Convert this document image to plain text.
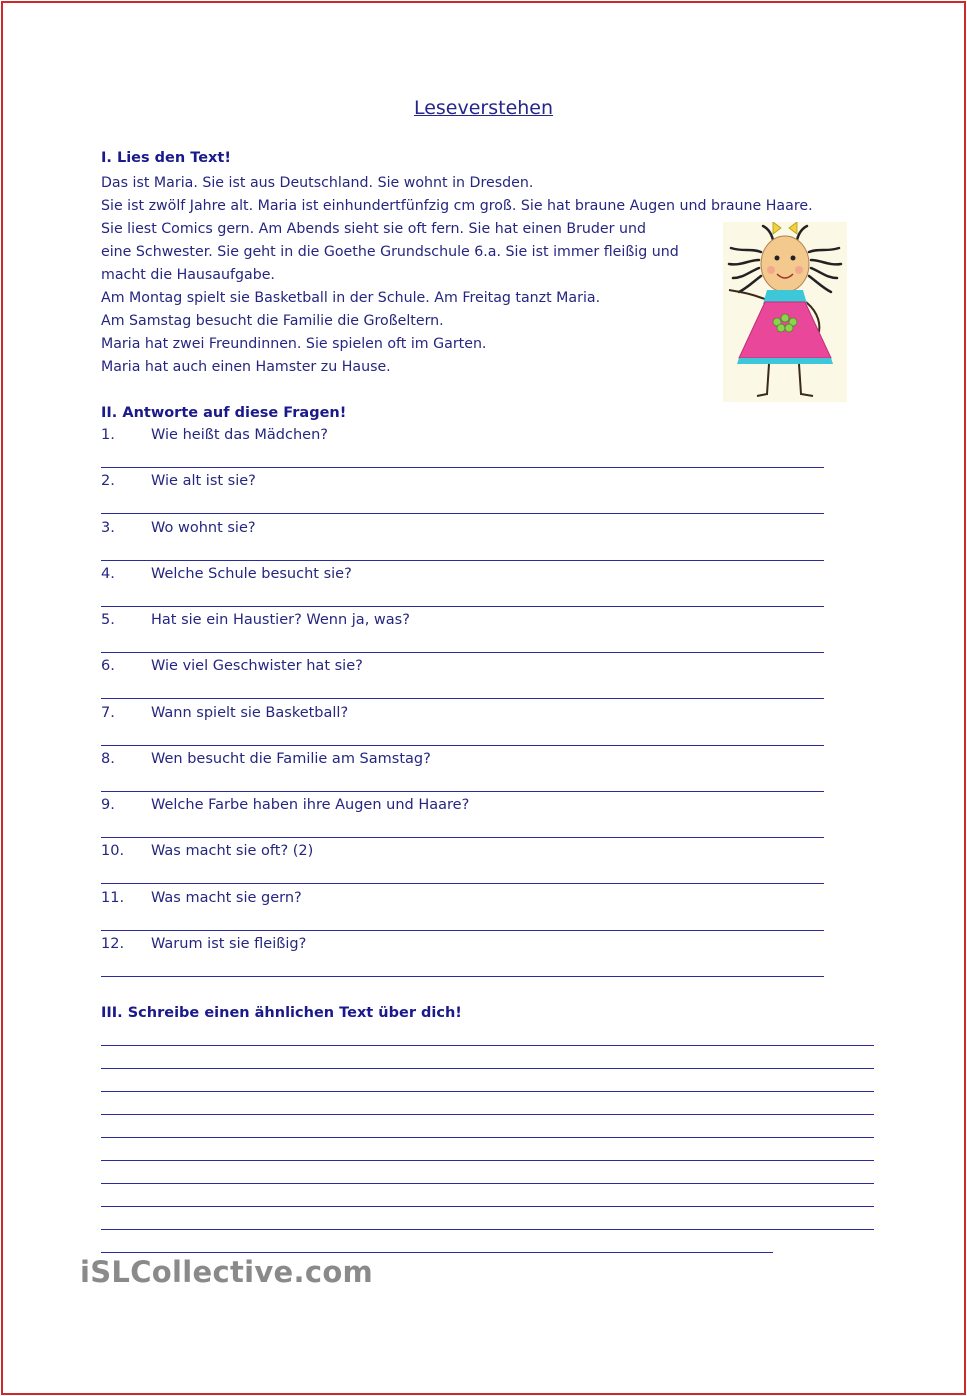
Leseverstehen
I. Lies den Text!
Das ist Maria. Sie ist aus Deutschland. Sie wohnt in Dresden.
Sie ist zwölf Jahre alt. Maria ist einhundertfünfzig cm groß. Sie hat braune Augen und braune Haare.
Sie liest Comics gern. Am Abends sieht sie oft fern. Sie hat einen Bruder und
eine Schwester. Sie geht in die Goethe Grundschule 6.a. Sie ist immer fleißig und
macht die Hausaufgabe.
Am Montag spielt sie Basketball in der Schule. Am Freitag tanzt Maria.
Am Samstag besucht die Familie die Großeltern.
Maria hat zwei Freundinnen. Sie spielen oft im Garten.
Maria hat auch einen Hamster zu Hause.
II. Antworte auf diese Fragen!
1. Wie heißt das Mädchen?
2. Wie alt ist sie?
3. Wo wohnt sie?
4. Welche Schule besucht sie?
5. Hat sie ein Haustier? Wenn ja, was?
6. Wie viel Geschwister hat sie?
7. Wann spielt sie Basketball?
8. Wen besucht die Familie am Samstag?
9. Welche Farbe haben ihre Augen und Haare?
10. Was macht sie oft? (2)
11. Was macht sie gern?
12. Warum ist sie fleißig?
III. Schreibe einen ähnlichen Text über dich!
iSLCollective.com
